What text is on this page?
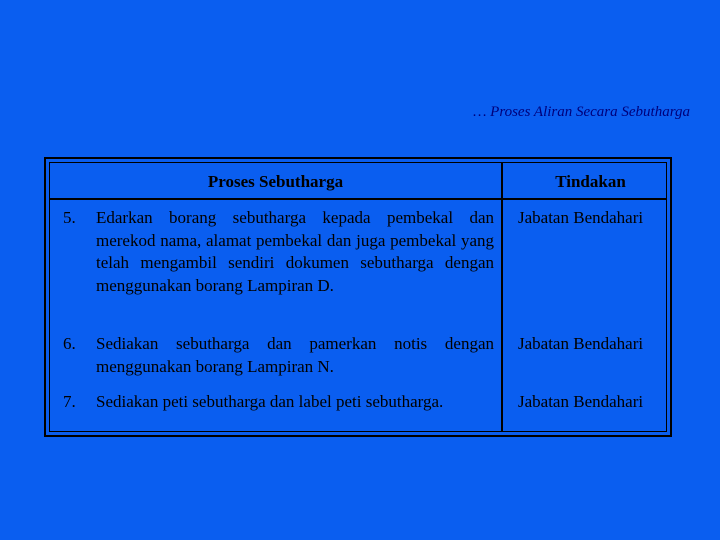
… Proses Aliran Secara Sebutharga
Proses Sebutharga	Tindakan
5. Edarkan borang sebutharga kepada pembekal dan merekod nama, alamat pembekal dan juga pembekal yang telah mengambil sendiri dokumen sebutharga dengan menggunakan borang Lampiran D.
Jabatan Bendahari
6. Sediakan sebutharga dan pamerkan notis dengan menggunakan borang Lampiran N.
Jabatan Bendahari
7. Sediakan peti sebutharga dan label peti sebutharga.	Jabatan Bendahari
